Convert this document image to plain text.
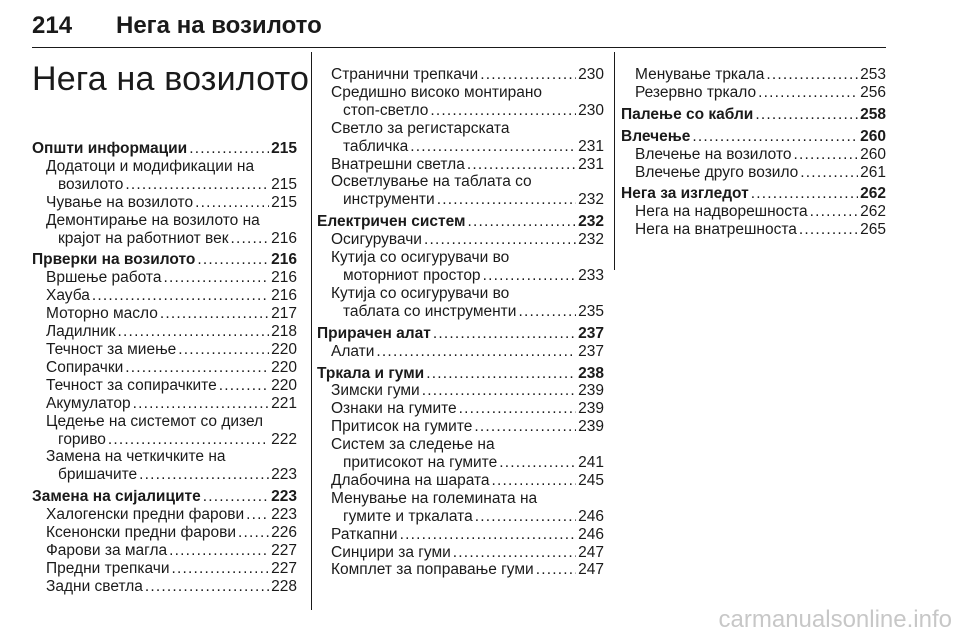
214 Нега на возилото
Нега на возилото
Општи информации .....	215
Додатоци и модификации на
возилото .....	215
Чување на возилото .....	215
Демонтирање на возилото на
крајот на работниот век .....	216
Прверки на возилото .....	216
Вршење работа .....	216
Хауба .....	216
Моторно масло .....	217
Ладилник .....	218
Течност за миење .....	220
Сопирачки .....	220
Течност за сопирачките .....	220
Акумулатор .....	221
Цедење на системот со дизел
гориво .....	222
Замена на четкичките на
бришачите .....	223
Замена на сијалиците .....	223
Халогенски предни фарови ..... 223
Ксенонски предни фарови ..... 226
Фарови за магла .....	227
Предни трепкачи .....	227
Задни светла .....	228
Странични трепкачи .....	230
Средишно високо монтирано
стоп-светло .....	230
Светло за регистарската
табличка .....	231
Внатрешни светла .....	231
Осветлување на таблата со
инструменти .....	232
Електричен систем .....	232
Осигурувачи .....	232
Кутија со осигурувачи во
моторниот простор .....	233
Кутија со осигурувачи во
таблата со инструменти .....	235
Прирачен алат .....	237
Алати .....	237
Тркала и гуми .....	238
Зимски гуми .....	239
Ознаки на гумите .....	239
Притисок на гумите .....	239
Систем за следење на
притисокот на гумите .....	241
Длабочина на шарата .....	245
Менување на големината на
гумите и тркалата .....	246
Раткапни .....	246
Синџири за гуми .....	247
Комплет за поправање гуми .....	247
Менување тркала .....	253
Резервно тркало .....	256
Палење со кабли .....	258
Влечење .....	260
Влечење на возилото .....	260
Влечење друго возило .....	261
Нега за изгледот .....	262
Нега на надворешноста .....	262
Нега на внатрешноста .....	265
carmanualsonline.info
